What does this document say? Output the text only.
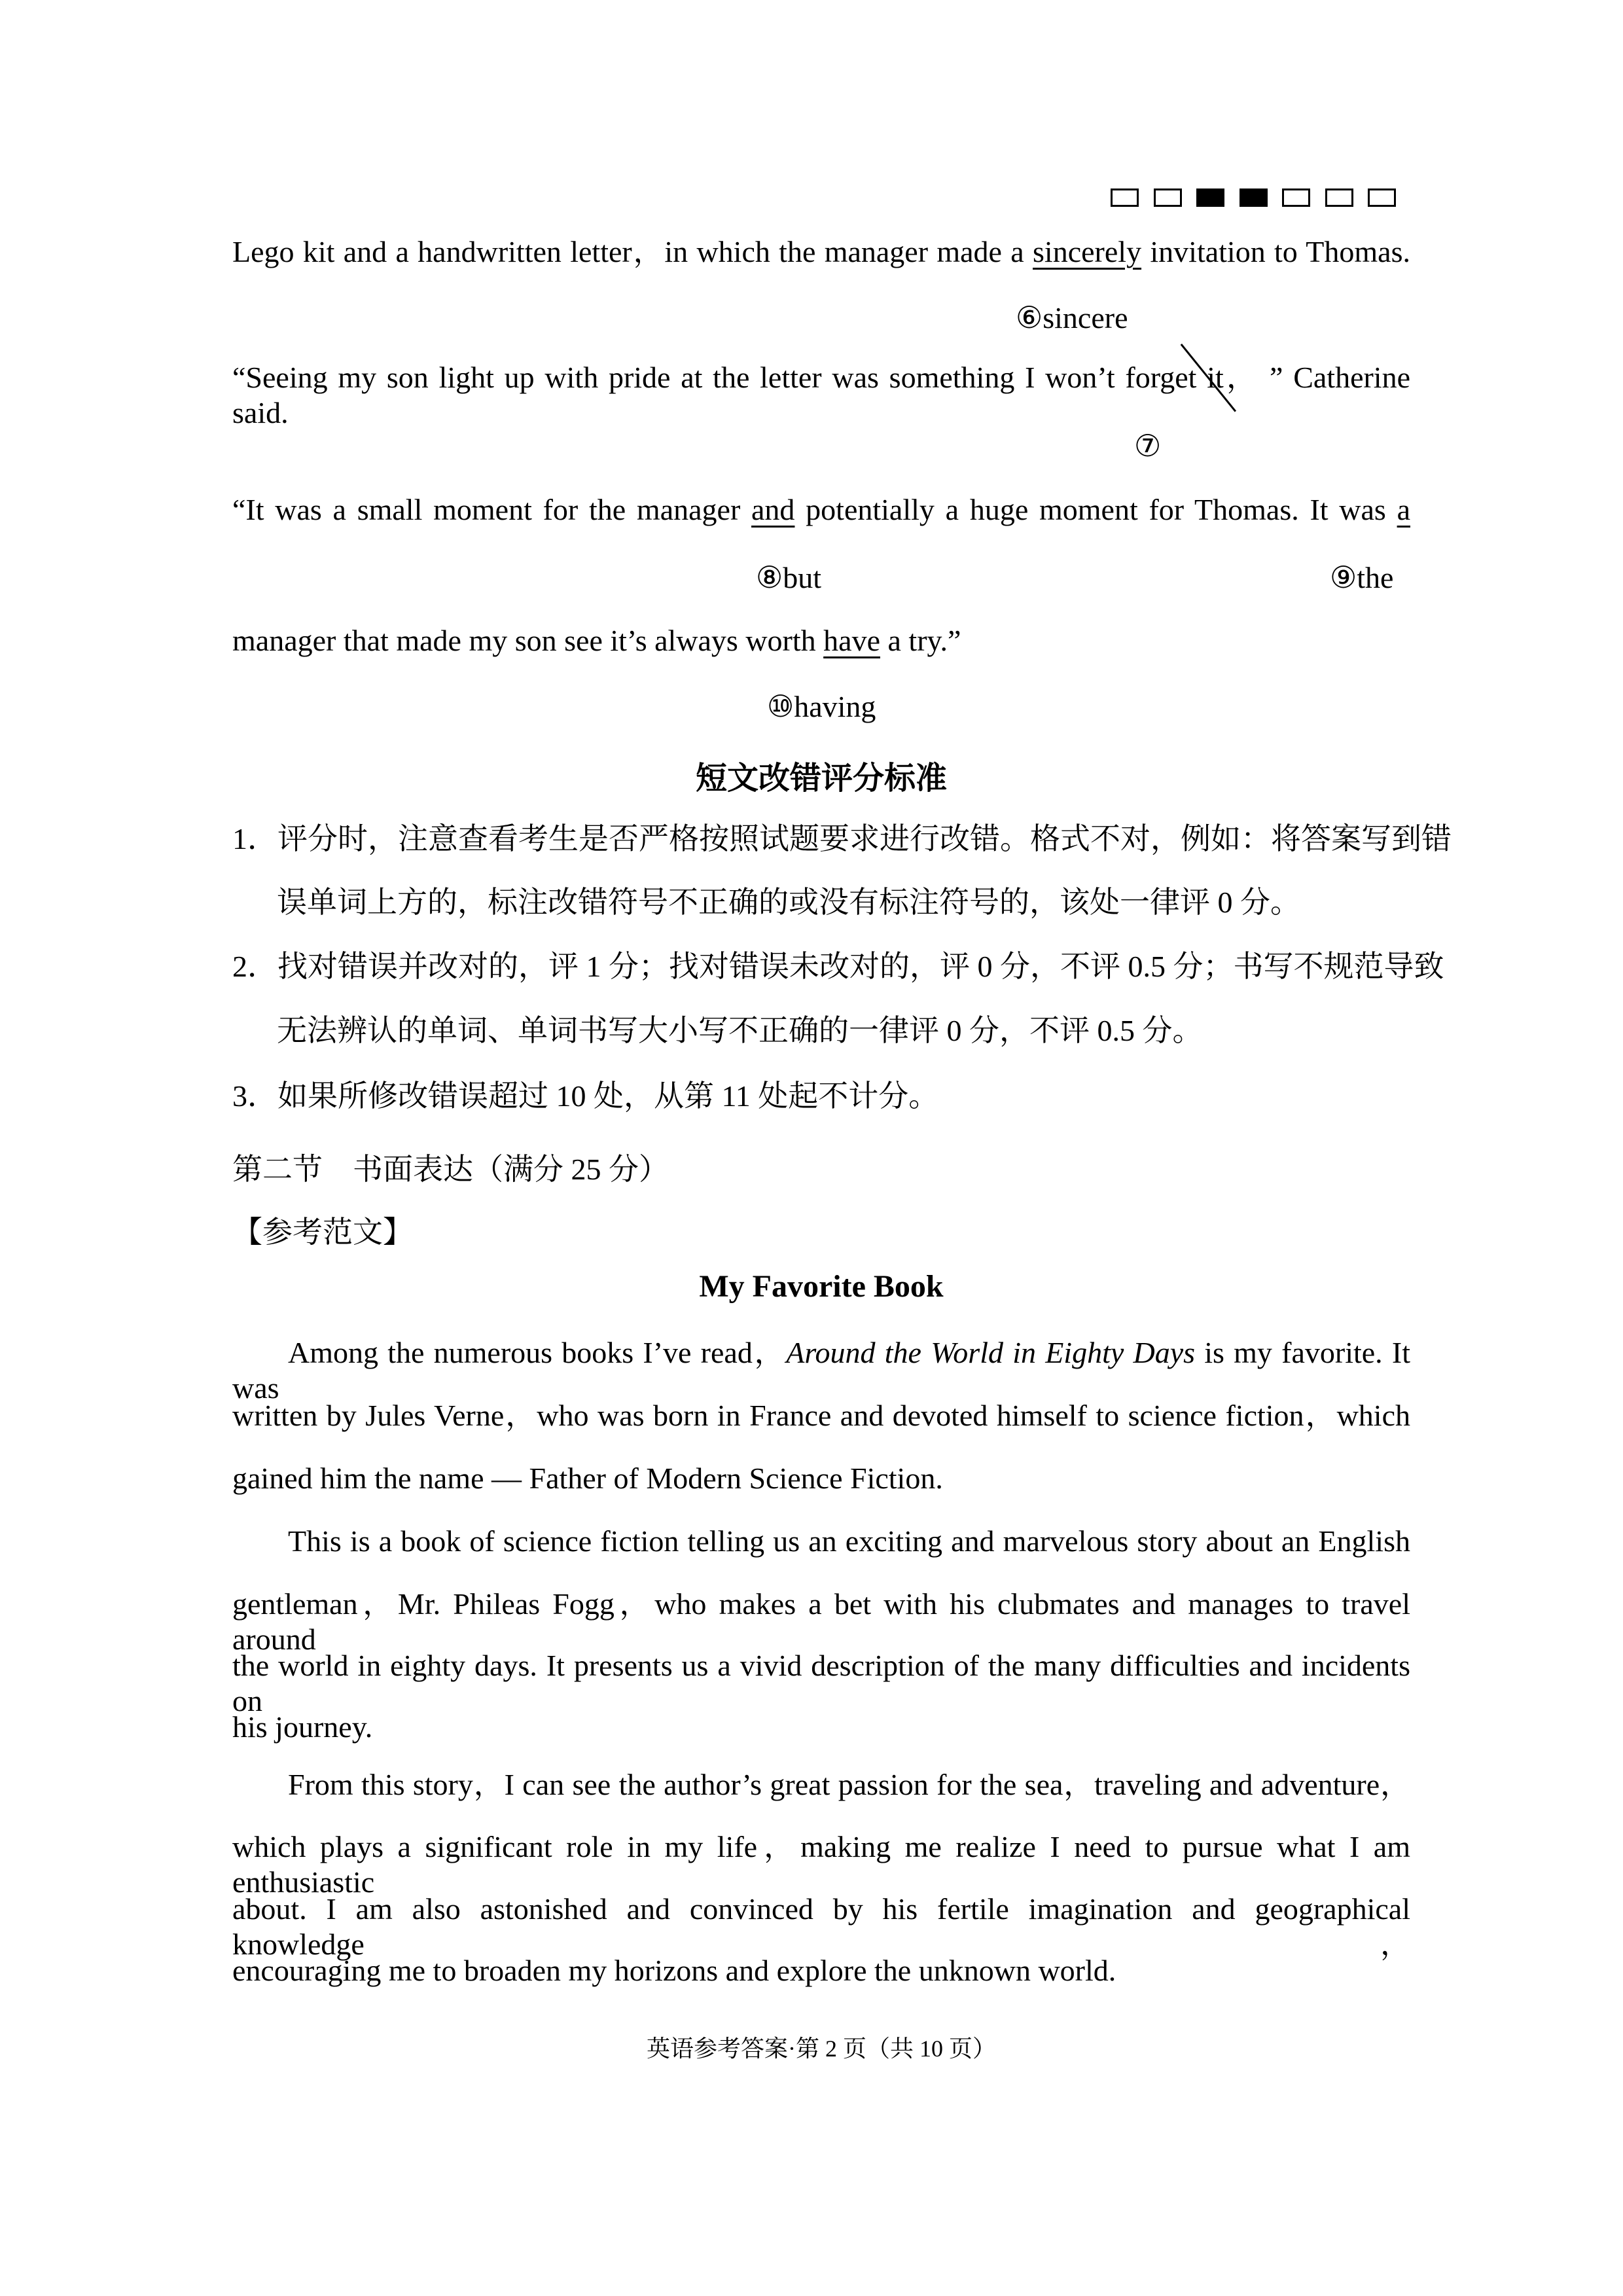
Lego kit and a handwritten letter，in which the manager made a sincerely invitation to Thomas.
⑥sincere
“Seeing my son light up with pride at the letter was something I won’t forget it， ” Catherine said.
⑦
“It was a small moment for the manager and potentially a huge moment for Thomas. It was a
⑧but	⑨the
manager that made my son see it’s always worth have a try.”
⑩having
短文改错评分标准
1．评分时，注意查看考生是否严格按照试题要求进行改错。格式不对，例如：将答案写到错
误单词上方的，标注改错符号不正确的或没有标注符号的，该处一律评 0 分。
2．找对错误并改对的，评 1 分；找对错误未改对的，评 0 分，不评 0.5 分；书写不规范导致
无法辨认的单词、单词书写大小写不正确的一律评 0 分，不评 0.5 分。
3．如果所修改错误超过 10 处，从第 11 处起不计分。
第二节　书面表达（满分 25 分）
【参考范文】
My Favorite Book
Among the numerous books I’ve read，Around the World in Eighty Days is my favorite. It was
written by Jules Verne，who was born in France and devoted himself to science fiction，which
gained him the name — Father of Modern Science Fiction.
This is a book of science fiction telling us an exciting and marvelous story about an English
gentleman，Mr. Phileas Fogg，who makes a bet with his clubmates and manages to travel around
the world in eighty days. It presents us a vivid description of the many difficulties and incidents on
his journey.
From this story，I can see the author’s great passion for the sea，traveling and adventure，
which plays a significant role in my life，making me realize I need to pursue what I am enthusiastic
about. I am also astonished and convinced by his fertile imagination and geographical knowledge，
encouraging me to broaden my horizons and explore the unknown world.
英语参考答案·第 2 页（共 10 页）
